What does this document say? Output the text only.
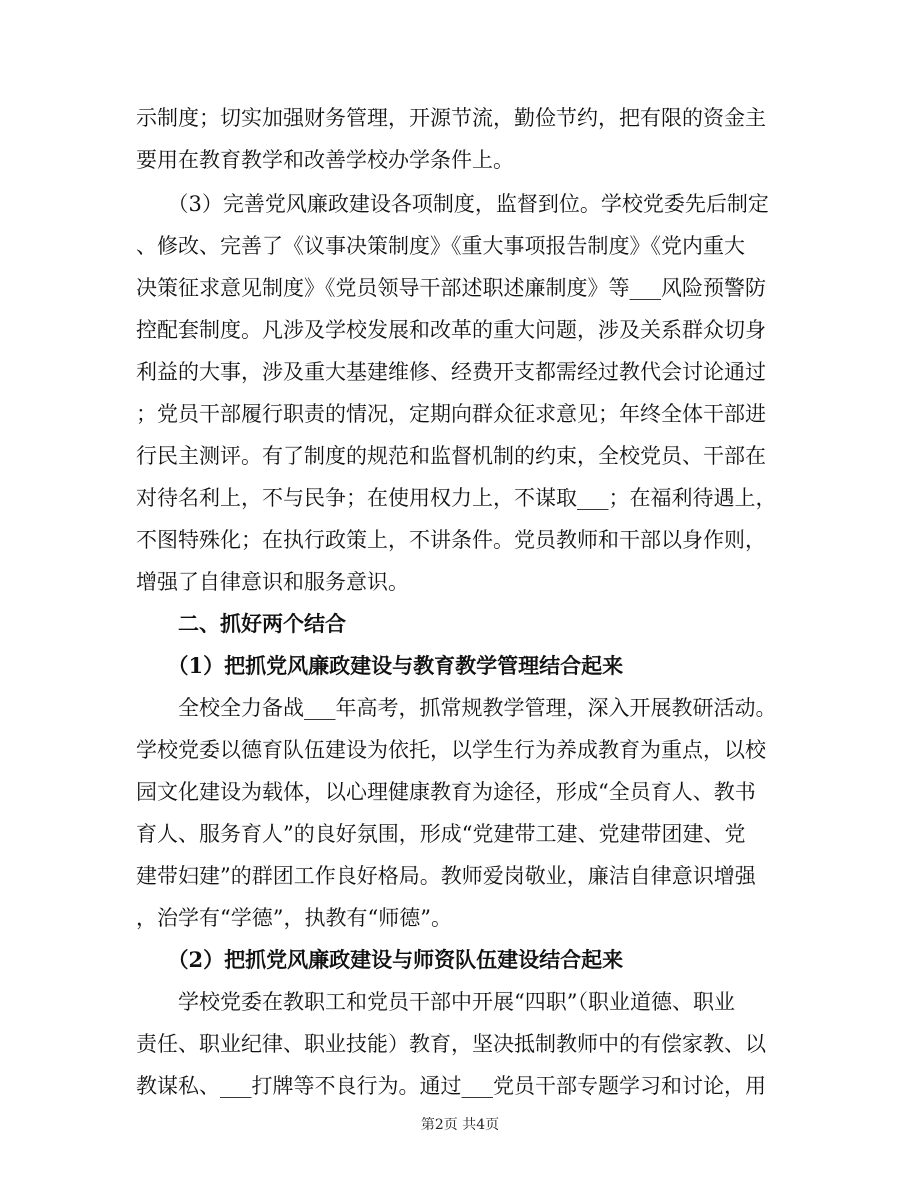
示制度；切实加强财务管理，开源节流，勤俭节约，把有限的资金主
要用在教育教学和改善学校办学条件上。
　　（3）完善党风廉政建设各项制度，监督到位。学校党委先后制定
、修改、完善了《议事决策制度》《重大事项报告制度》《党内重大
决策征求意见制度》《党员领导干部述职述廉制度》等___风险预警防
控配套制度。凡涉及学校发展和改革的重大问题，涉及关系群众切身
利益的大事，涉及重大基建维修、经费开支都需经过教代会讨论通过
；党员干部履行职责的情况，定期向群众征求意见；年终全体干部进
行民主测评。有了制度的规范和监督机制的约束，全校党员、干部在
对待名利上，不与民争；在使用权力上，不谋取___；在福利待遇上，
不图特殊化；在执行政策上，不讲条件。党员教师和干部以身作则，
增强了自律意识和服务意识。
　　二、抓好两个结合
　　（1）把抓党风廉政建设与教育教学管理结合起来
　　全校全力备战___年高考，抓常规教学管理，深入开展教研活动。
学校党委以德育队伍建设为依托，以学生行为养成教育为重点，以校
园文化建设为载体，以心理健康教育为途径，形成“全员育人、教书
育人、服务育人”的良好氛围，形成“党建带工建、党建带团建、党
建带妇建”的群团工作良好格局。教师爱岗敬业，廉洁自律意识增强
，治学有“学德”，执教有“师德”。
　　（2）把抓党风廉政建设与师资队伍建设结合起来
　　学校党委在教职工和党员干部中开展“四职”（职业道德、职业
责任、职业纪律、职业技能）教育，坚决抵制教师中的有偿家教、以
教谋私、___打牌等不良行为。通过___党员干部专题学习和讨论，用
第2页 共4页
